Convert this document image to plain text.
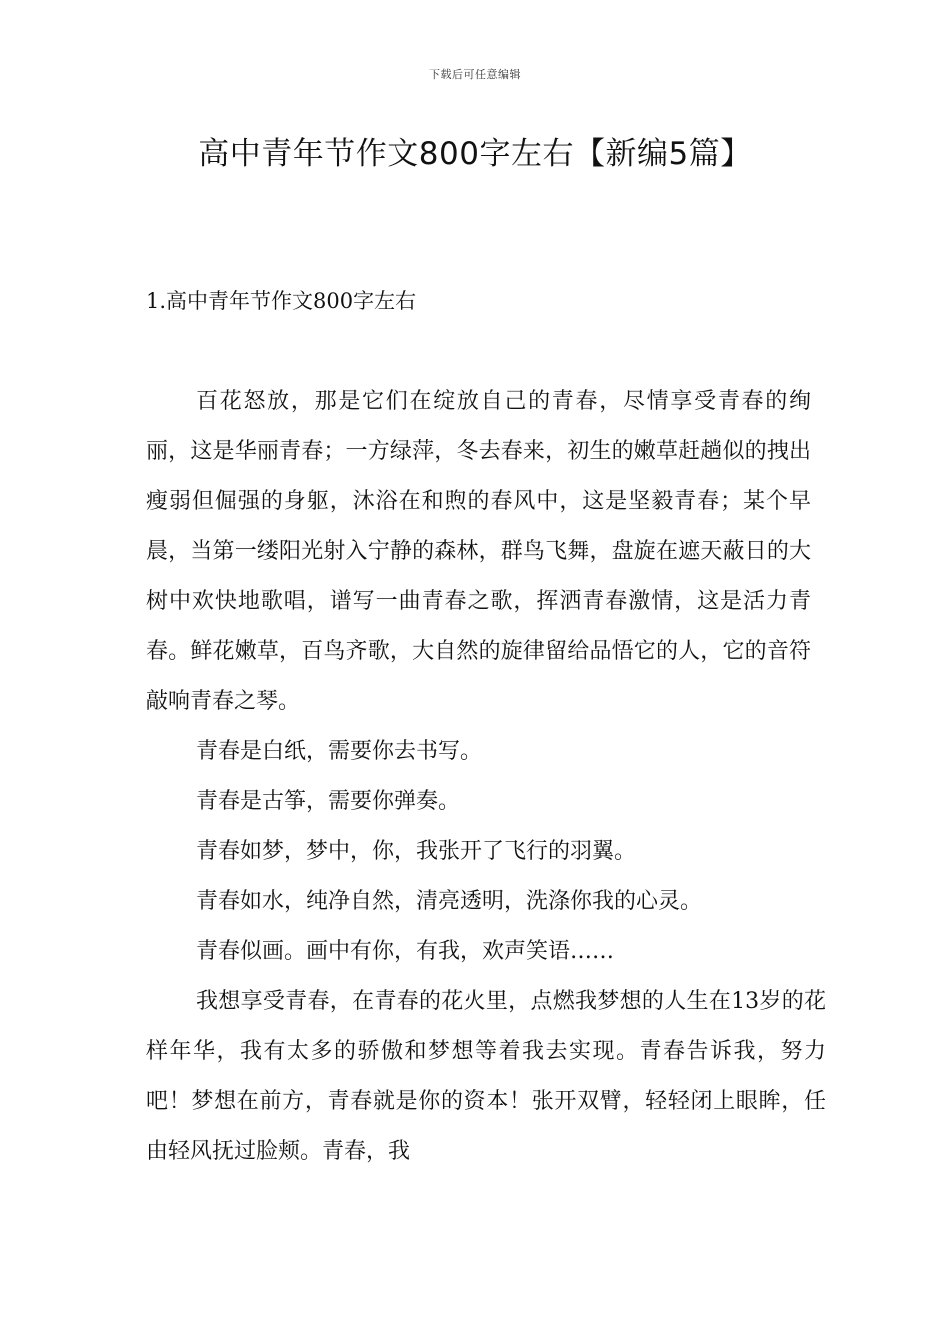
下载后可任意编辑
高中青年节作文800字左右【新编5篇】
1.高中青年节作文800字左右

百花怒放，那是它们在绽放自己的青春，尽情享受青春的绚丽，这是华丽青春；一方绿萍，冬去春来，初生的嫩草赶趟似的拽出瘦弱但倔强的身躯，沐浴在和煦的春风中，这是坚毅青春；某个早晨，当第一缕阳光射入宁静的森林，群鸟飞舞，盘旋在遮天蔽日的大树中欢快地歌唱，谱写一曲青春之歌，挥洒青春激情，这是活力青春。鲜花嫩草，百鸟齐歌，大自然的旋律留给品悟它的人，它的音符敲响青春之琴。

青春是白纸，需要你去书写。

青春是古筝，需要你弹奏。

青春如梦，梦中，你，我张开了飞行的羽翼。

青春如水，纯净自然，清亮透明，洗涤你我的心灵。

青春似画。画中有你，有我，欢声笑语……

我想享受青春，在青春的花火里，点燃我梦想的人生在13岁的花样年华，我有太多的骄傲和梦想等着我去实现。青春告诉我，努力吧！梦想在前方，青春就是你的资本！张开双臂，轻轻闭上眼眸，任由轻风抚过脸颊。青春，我
